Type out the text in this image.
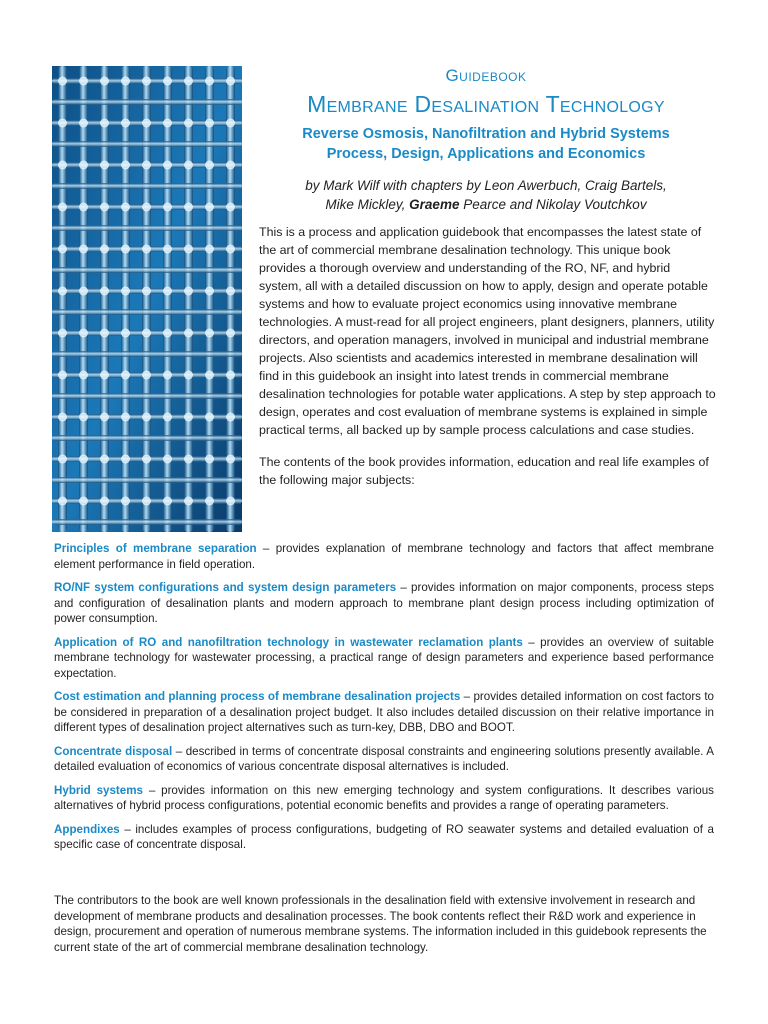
Guidebook
Membrane Desalination Technology
Reverse Osmosis, Nanofiltration and Hybrid Systems
Process, Design, Applications and Economics
by Mark Wilf with chapters by Leon Awerbuch, Craig Bartels,
Mike Mickley, Graeme Pearce and Nikolay Voutchkov

This is a process and application guidebook that encompasses the latest state of the art of commercial membrane desalination technology. This unique book provides a thorough overview and understanding of the RO, NF, and hybrid system, all with a detailed discussion on how to apply, design and operate potable systems and how to evaluate project economics using innovative membrane technologies. A must-read for all project engineers, plant designers, planners, utility directors, and operation managers, involved in municipal and industrial membrane projects. Also scientists and academics interested in membrane desalination will find in this guidebook an insight into latest trends in commercial membrane desalination technologies for potable water applications. A step by step approach to design, operates and cost evaluation of membrane systems is explained in simple practical terms, all backed up by sample process calculations and case studies.

The contents of the book provides information, education and real life examples of the following major subjects:

Principles of membrane separation – provides explanation of membrane technology and factors that affect membrane element performance in field operation.

RO/NF system configurations and system design parameters – provides information on major components, process steps and configuration of desalination plants and modern approach to membrane plant design process including optimization of power consumption.

Application of RO and nanofiltration technology in wastewater reclamation plants – provides an overview of suitable membrane technology for wastewater processing, a practical range of design parameters and experience based performance expectation.

Cost estimation and planning process of membrane desalination projects – provides detailed information on cost factors to be considered in preparation of a desalination project budget. It also includes detailed discussion on their relative importance in different types of desalination project alternatives such as turn-key, DBB, DBO and BOOT.

Concentrate disposal – described in terms of concentrate disposal constraints and engineering solutions presently available. A detailed evaluation of economics of various concentrate disposal alternatives is included.

Hybrid systems – provides information on this new emerging technology and system configurations. It describes various alternatives of hybrid process configurations, potential economic benefits and provides a range of operating parameters.

Appendixes – includes examples of process configurations, budgeting of RO seawater systems and detailed evaluation of a specific case of concentrate disposal.

The contributors to the book are well known professionals in the desalination field with extensive involvement in research and development of membrane products and desalination processes. The book contents reflect their R&D work and experience in design, procurement and operation of numerous membrane systems. The information included in this guidebook represents the current state of the art of commercial membrane desalination technology.
